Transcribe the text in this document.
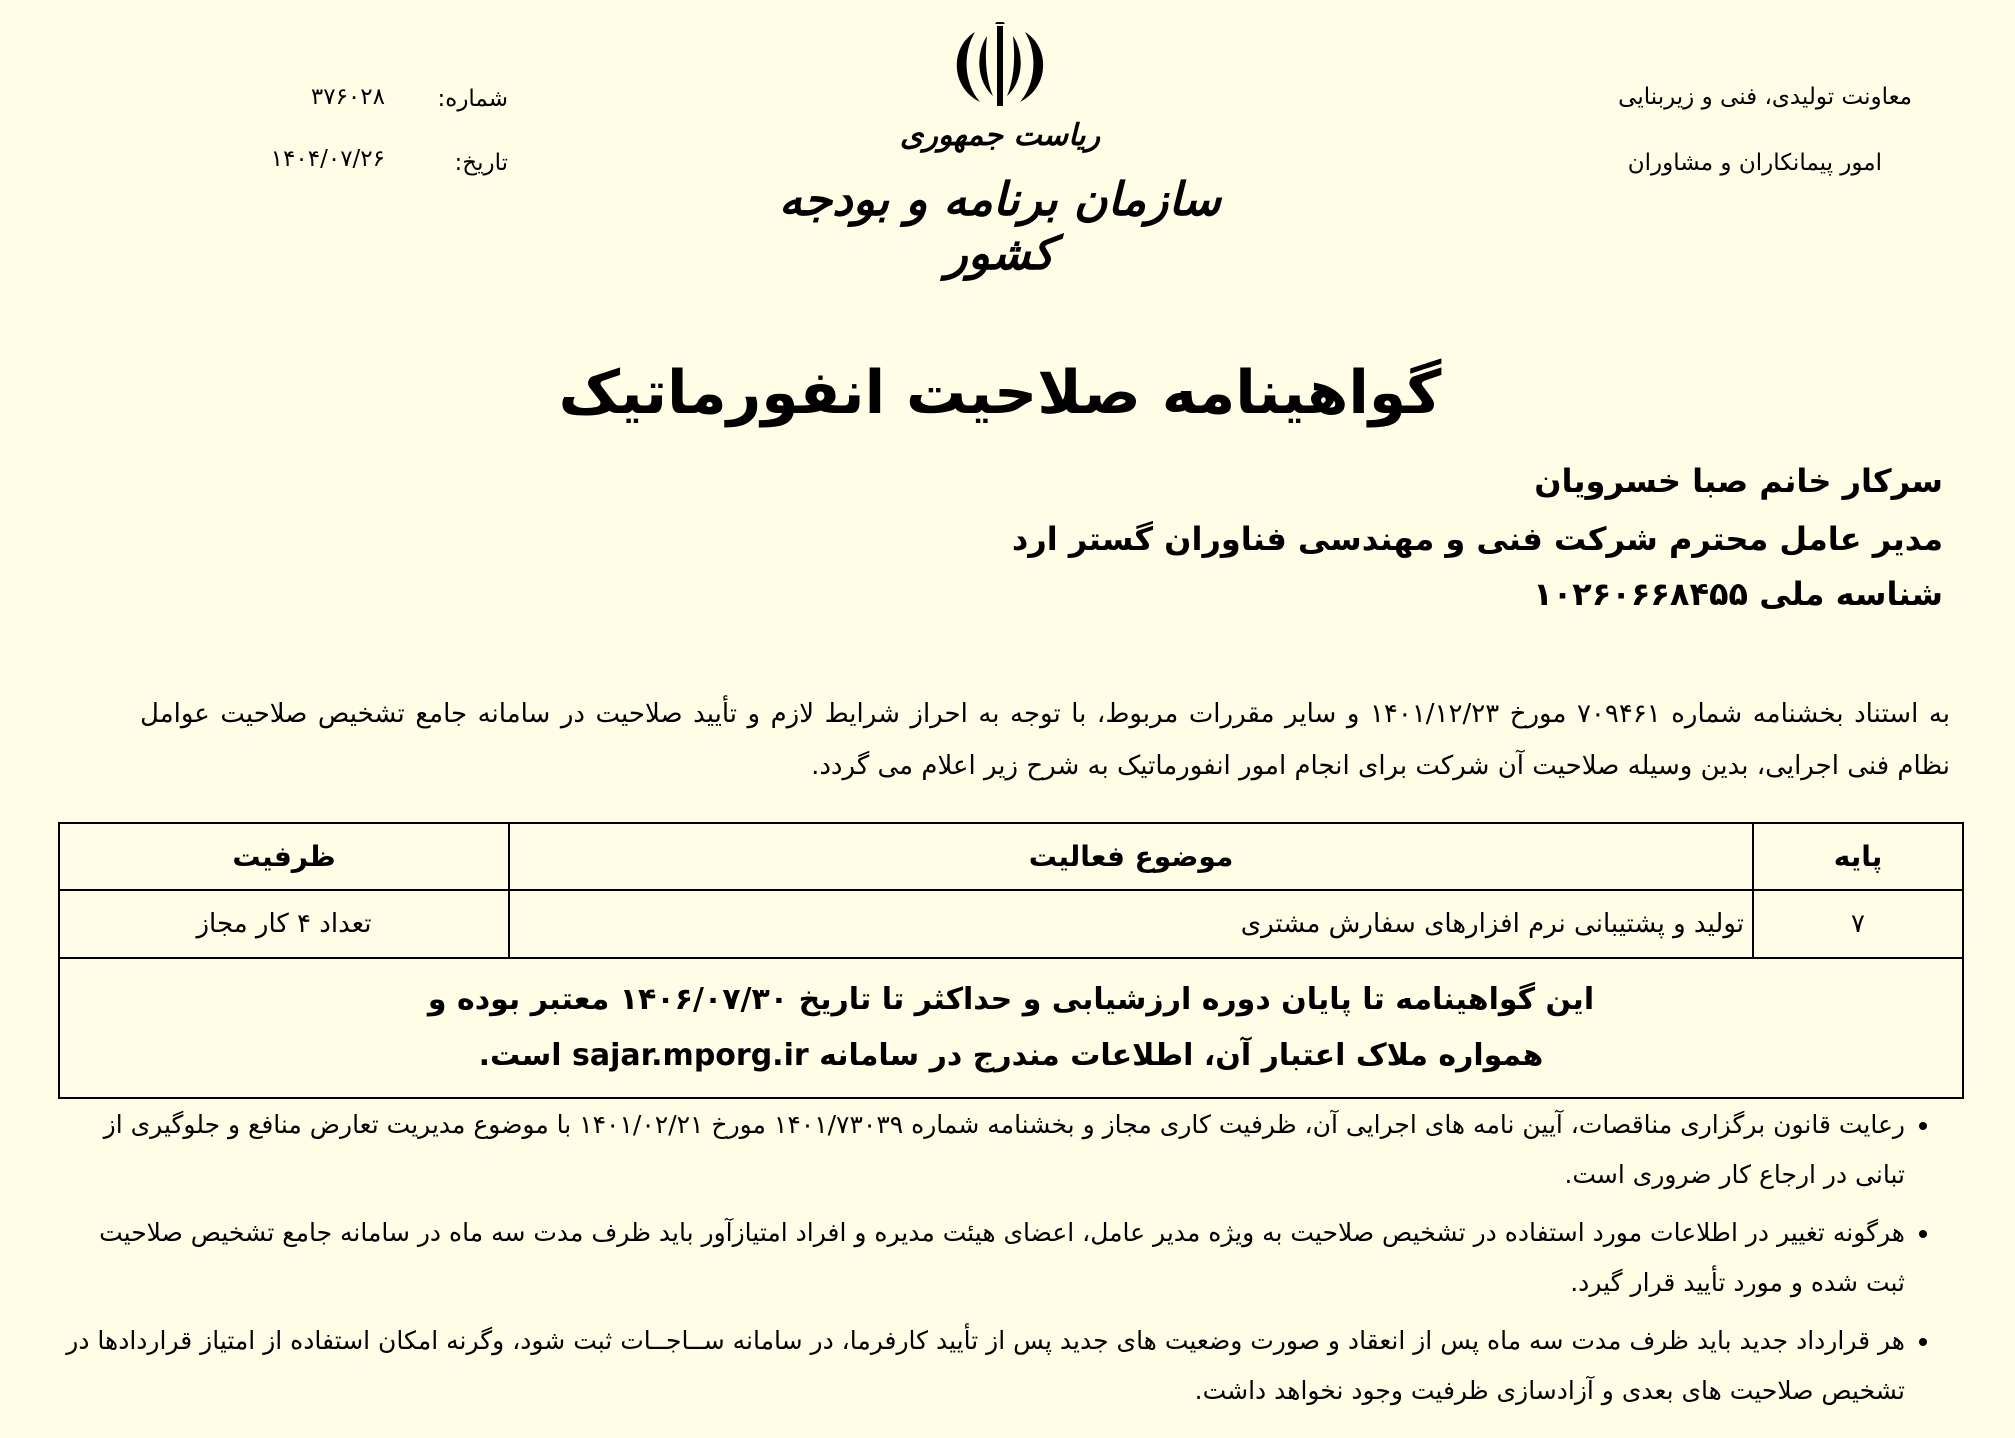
معاونت تولیدی، فنی و زیربنایی
امور پیمانکاران و مشاوران
شماره:
۳۷۶۰۲۸
تاریخ:
۱۴۰۴/۰۷/۲۶
ریاست جمهوری
سازمان برنامه و بودجه کشور
گواهینامه صلاحیت انفورماتیک
سرکار خانم صبا خسرویان
مدیر عامل محترم شرکت فنی و مهندسی فناوران گستر ارد
شناسه ملی ۱۰۲۶۰۶۶۸۴۵۵
به استناد بخشنامه شماره ۷۰۹۴۶۱ مورخ ۱۴۰۱/۱۲/۲۳ و سایر مقررات مربوط، با توجه به احراز شرایط لازم و تأیید صلاحیت در سامانه جامع تشخیص صلاحیت عوامل نظام فنی اجرایی، بدین وسیله صلاحیت آن شرکت برای انجام امور انفورماتیک به شرح زیر اعلام می گردد.
پایه	موضوع فعالیت	ظرفیت
۷	تولید و پشتیبانی نرم افزارهای سفارش مشتری	تعداد ۴ کار مجاز

این گواهینامه تا پایان دوره ارزشیابی و حداکثر تا تاریخ ۱۴۰۶/۰۷/۳۰ معتبر بوده و
همواره ملاک اعتبار آن، اطلاعات مندرج در سامانه sajar.mporg.ir است.		
• رعایت قانون برگزاری مناقصات، آیین نامه های اجرایی آن، ظرفیت کاری مجاز و بخشنامه شماره ۱۴۰۱/۷۳۰۳۹ مورخ ۱۴۰۱/۰۲/۲۱ با موضوع مدیریت تعارض منافع و جلوگیری از تبانی در ارجاع کار ضروری است.
• هرگونه تغییر در اطلاعات مورد استفاده در تشخیص صلاحیت به ویژه مدیر عامل، اعضای هیئت مدیره و افراد امتیازآور باید ظرف مدت سه ماه در سامانه جامع تشخیص صلاحیت ثبت شده و مورد تأیید قرار گیرد.
• هر قرارداد جدید باید ظرف مدت سه ماه پس از انعقاد و صورت وضعیت های جدید پس از تأیید کارفرما، در سامانه ســاجــات ثبت شود، وگرنه امکان استفاده از امتیاز قراردادها در تشخیص صلاحیت های بعدی و آزادسازی ظرفیت وجود نخواهد داشت.
